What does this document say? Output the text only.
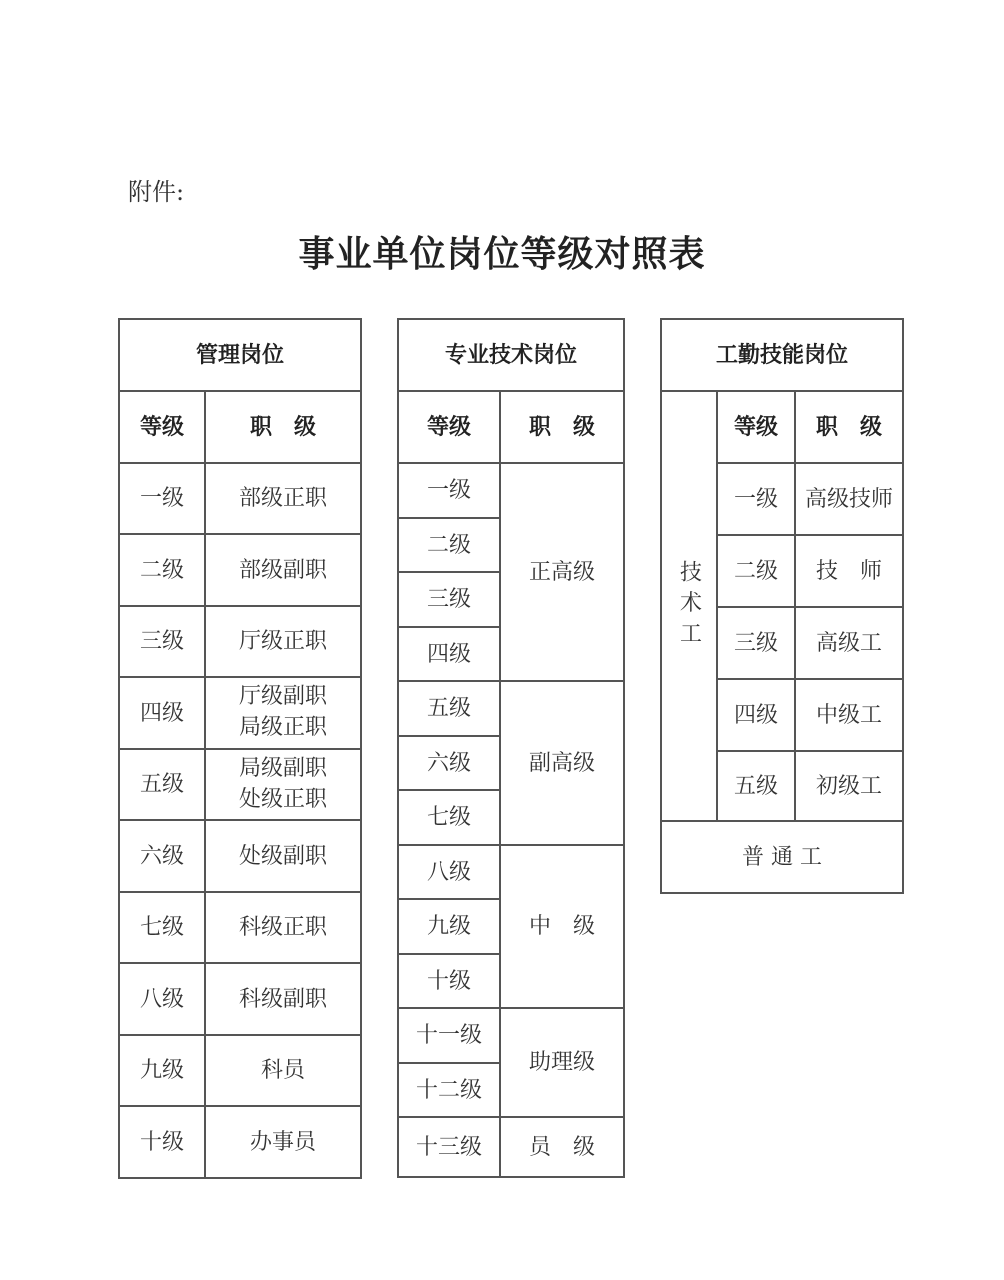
附件:
事业单位岗位等级对照表
管理岗位	
等级	职　级
一级	部级正职
二级	部级副职
三级	厅级正职
四级	厅级副职
局级正职
五级	局级副职
处级正职
六级	处级副职
七级	科级正职
八级	科级副职
九级	科员
十级	办事员
专业技术岗位	
等级	职　级
一级	正高级
二级	
三级	
四级	
五级	副高级
六级	
七级	
八级	中　级
九级	
十级	
十一级	助理级
十二级	
十三级	员　级
工勤技能岗位		
技术工	等级	职　级
	一级	高级技师
	二级	技　师
	三级	高级工
	四级	中级工
	五级	初级工
普 通 工		
